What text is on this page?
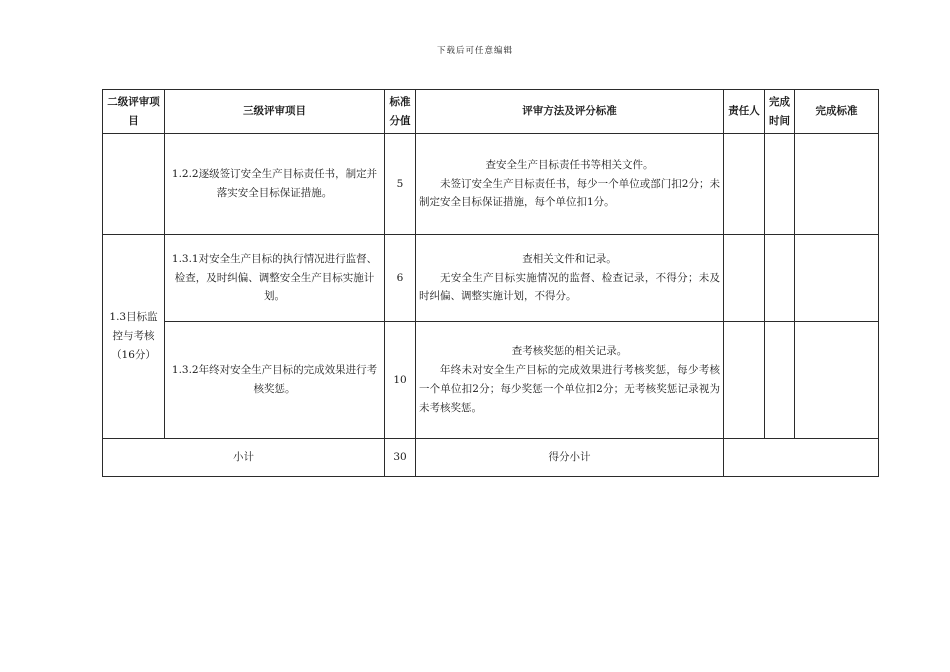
下载后可任意编辑
二级评审项目	三级评审项目	标准分值	评审方法及评分标准	责任人	完成时间	完成标准
	1.2.2逐级签订安全生产目标责任书，制定并落实安全目标保证措施。	5	查安全生产目标责任书等相关文件。

未签订安全生产目标责任书，每少一个单位或部门扣2分；未制定安全目标保证措施，每个单位扣1分。			

1.3目标监控与考核（16分）	1.3.1对安全生产目标的执行情况进行监督、检查，及时纠偏、调整安全生产目标实施计划。	6	查相关文件和记录。

无安全生产目标实施情况的监督、检查记录，不得分；未及时纠偏、调整实施计划，不得分。			

	1.3.2年终对安全生产目标的完成效果进行考核奖惩。	10	查考核奖惩的相关记录。

年终未对安全生产目标的完成效果进行考核奖惩，每少考核一个单位扣2分；每少奖惩一个单位扣2分；无考核奖惩记录视为未考核奖惩。			

小计		30	得分小计			
